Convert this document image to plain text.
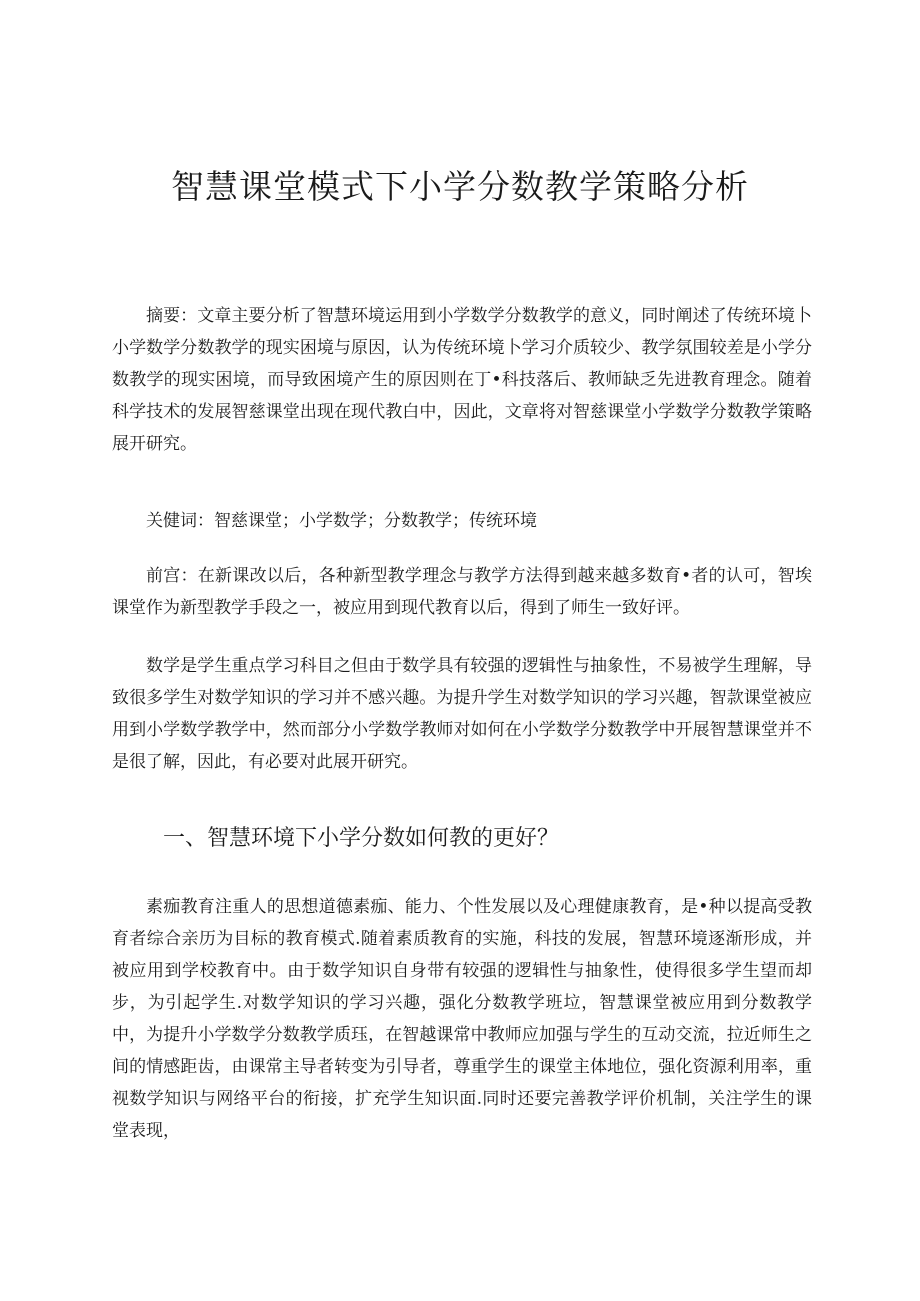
智慧课堂模式下小学分数教学策略分析

摘要：文章主要分析了智慧环境运用到小学数学分数教学的意义，同时阐述了传统环境卜小学数学分数教学的现实困境与原因，认为传统环境卜学习介质较少、教学氛围较差是小学分数教学的现实困境，而导致困境产生的原因则在丁•科技落后、教师缺乏先进教育理念。随着科学技术的发展智慈课堂出现在现代教白中，因此，文章将对智慈课堂小学数学分数教学策略展开研究。

关健词：智慈课堂；小学数学；分数教学；传统环境

前宫：在新课改以后，各种新型教学理念与教学方法得到越来越多数育•者的认可，智埃课堂作为新型教学手段之一，被应用到现代教育以后，得到了师生一致好评。

数学是学生重点学习科目之但由于数学具有较强的逻辑性与抽象性，不易被学生理解，导致很多学生对数学知识的学习并不感兴趣。为提升学生对数学知识的学习兴趣，智款课堂被应用到小学数学教学中，然而部分小学数学教师对如何在小学数学分数教学中开展智慧课堂并不是很了解，因此，有必要对此展开研究。

一、智慧环境下小学分数如何教的更好？

素痂教育注重人的思想道德素痂、能力、个性发展以及心理健康教育，是•种以提高受教育者综合亲历为目标的教育模式.随着素质教育的实施，科技的发展，智慧环境逐渐形成，并被应用到学校教育中。由于数学知识自身带有较强的逻辑性与抽象性，使得很多学生望而却步，为引起学生.对数学知识的学习兴趣，强化分数教学班垃，智慧课堂被应用到分数教学中，为提升小学数学分数教学质珏，在智越课常中教师应加强与学生的互动交流，拉近师生之间的情感距齿，由课常主导者转变为引导者，尊重学生的课堂主体地位，强化资源利用率，重视数学知识与网络平台的衔接，扩充学生知识面.同时还要完善教学评价机制，关注学生的课堂表现，
